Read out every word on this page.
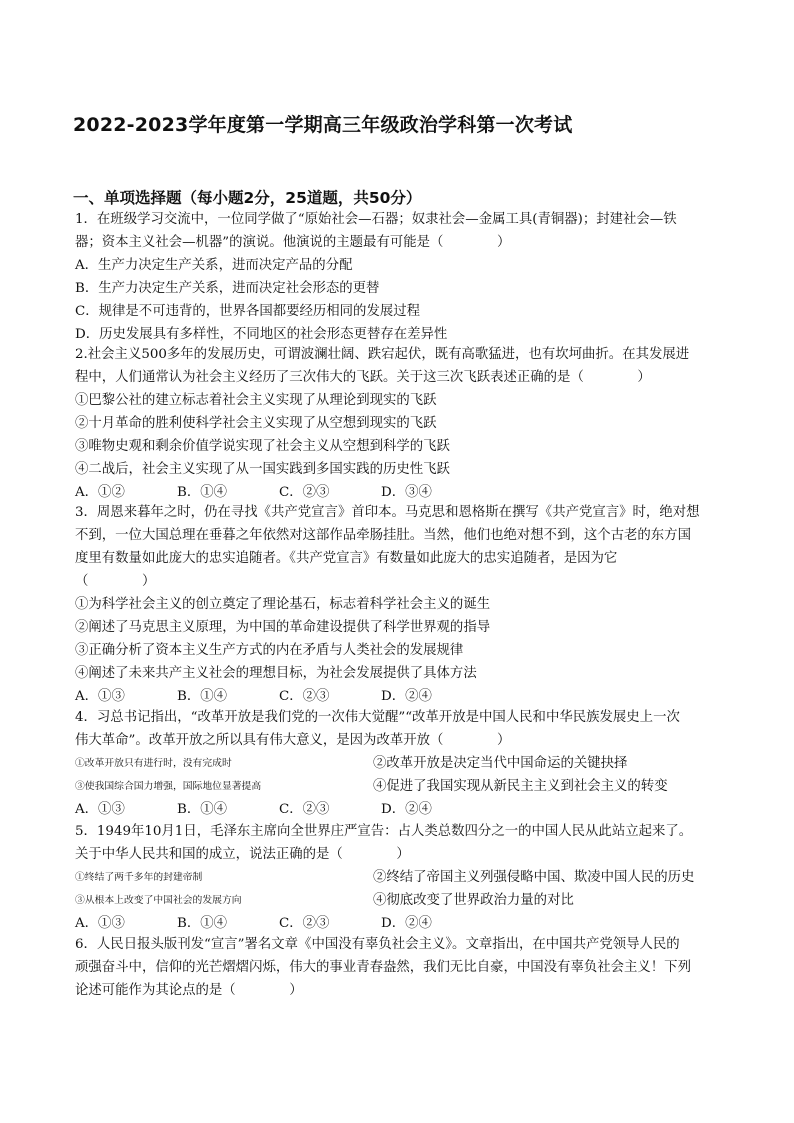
2022-2023学年度第一学期高三年级政治学科第一次考试
一、单项选择题（每小题2分，25道题，共50分）
1．在班级学习交流中，一位同学做了“原始社会—石器；奴隶社会—金属工具(青铜器)；封建社会—铁
器；资本主义社会—机器”的演说。他演说的主题最有可能是（　　　　）
A．生产力决定生产关系，进而决定产品的分配
B．生产力决定生产关系，进而决定社会形态的更替
C．规律是不可违背的，世界各国都要经历相同的发展过程
D．历史发展具有多样性，不同地区的社会形态更替存在差异性
2.社会主义500多年的发展历史，可谓波澜壮阔、跌宕起伏，既有高歌猛进，也有坎坷曲折。在其发展进
程中，人们通常认为社会主义经历了三次伟大的飞跃。关于这三次飞跃表述正确的是（　　　　）
①巴黎公社的建立标志着社会主义实现了从理论到现实的飞跃
②十月革命的胜利使科学社会主义实现了从空想到现实的飞跃
③唯物史观和剩余价值学说实现了社会主义从空想到科学的飞跃
④二战后，社会主义实现了从一国实践到多国实践的历史性飞跃
A．①②	B．①④	C．②③	D．③④
3．周恩来暮年之时，仍在寻找《共产党宣言》首印本。马克思和恩格斯在撰写《共产党宣言》时，绝对想
不到，一位大国总理在垂暮之年依然对这部作品牵肠挂肚。当然，他们也绝对想不到，这个古老的东方国
度里有数量如此庞大的忠实追随者。《共产党宣言》有数量如此庞大的忠实追随者，是因为它
（　　　　）
①为科学社会主义的创立奠定了理论基石，标志着科学社会主义的诞生
②阐述了马克思主义原理，为中国的革命建设提供了科学世界观的指导
③正确分析了资本主义生产方式的内在矛盾与人类社会的发展规律
④阐述了未来共产主义社会的理想目标，为社会发展提供了具体方法
A．①③	B．①④	C．②③	D．②④
4．习总书记指出，“改革开放是我们党的一次伟大觉醒”“改革开放是中国人民和中华民族发展史上一次
伟大革命”。改革开放之所以具有伟大意义，是因为改革开放（　　　　）
①改革开放只有进行时，没有完成时	②改革开放是决定当代中国命运的关键抉择
③使我国综合国力增强，国际地位显著提高	④促进了我国实现从新民主主义到社会主义的转变
A．①③	B．①④	C．②③	D．②④
5．1949年10月1日，毛泽东主席向全世界庄严宣告：占人类总数四分之一的中国人民从此站立起来了。
关于中华人民共和国的成立，说法正确的是（　　　　）
①终结了两千多年的封建帝制	②终结了帝国主义列强侵略中国、欺凌中国人民的历史
③从根本上改变了中国社会的发展方向	④彻底改变了世界政治力量的对比
A．①③	B．①④	C．②③	D．②④
6．人民日报头版刊发“宣言”署名文章《中国没有辜负社会主义》。文章指出，在中国共产党领导人民的
顽强奋斗中，信仰的光芒熠熠闪烁，伟大的事业青春盎然，我们无比自豪，中国没有辜负社会主义！下列
论述可能作为其论点的是（　　　　）
